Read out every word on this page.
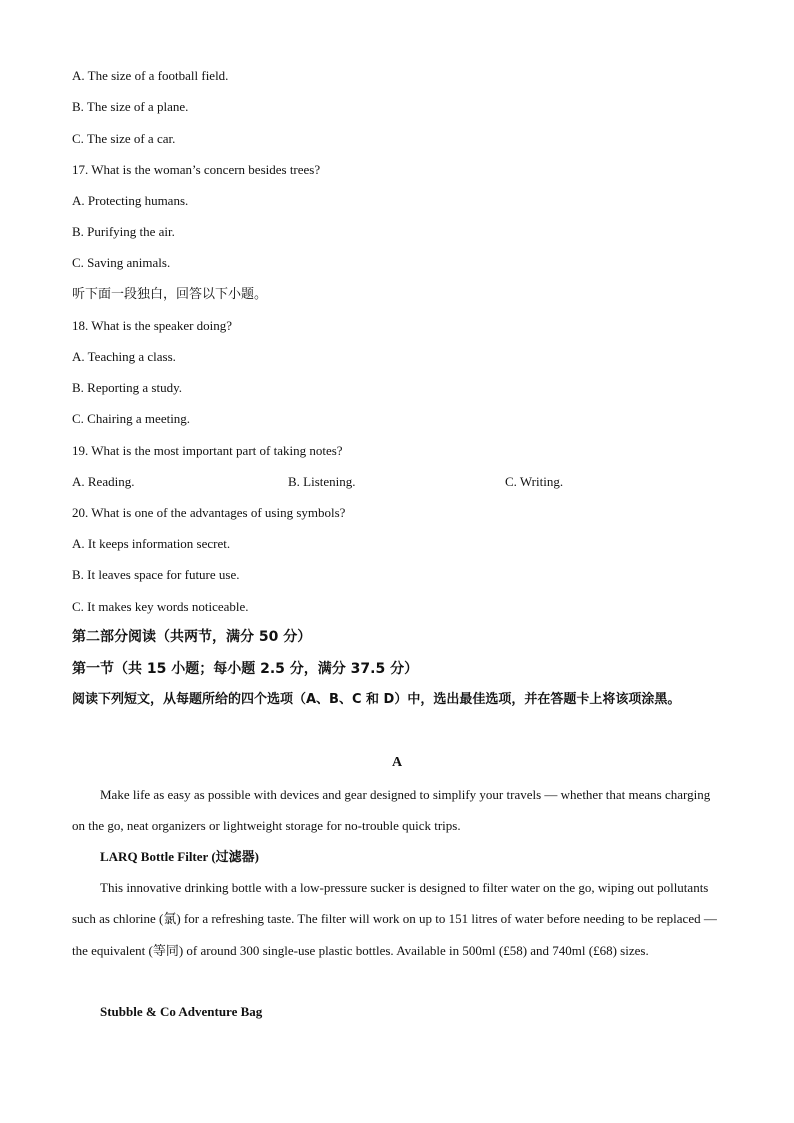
A. The size of a football field.
B. The size of a plane.
C. The size of a car.
17. What is the woman’s concern besides trees?
A. Protecting humans.
B. Purifying the air.
C. Saving animals.
听下面一段独白，回答以下小题。
18. What is the speaker doing?
A. Teaching a class.
B. Reporting a study.
C. Chairing a meeting.
19. What is the most important part of taking notes?
A. Reading.	B. Listening.	C. Writing.
20. What is one of the advantages of using symbols?
A. It keeps information secret.
B. It leaves space for future use.
C. It makes key words noticeable.
第二部分阅读（共两节，满分 50 分）
第一节（共 15 小题；每小题 2.5 分，满分 37.5 分）
阅读下列短文，从每题所给的四个选项（A、B、C 和 D）中，选出最佳选项，并在答题卡上将该项涂黑。
A
Make life as easy as possible with devices and gear designed to simplify your travels — whether that means charging on the go, neat organizers or lightweight storage for no-trouble quick trips.
LARQ Bottle Filter (过滤器)
This innovative drinking bottle with a low-pressure sucker is designed to filter water on the go, wiping out pollutants such as chlorine (氯) for a refreshing taste. The filter will work on up to 151 litres of water before needing to be replaced — the equivalent (等同) of around 300 single-use plastic bottles. Available in 500ml (£58) and 740ml (£68) sizes.
Stubble & Co Adventure Bag
